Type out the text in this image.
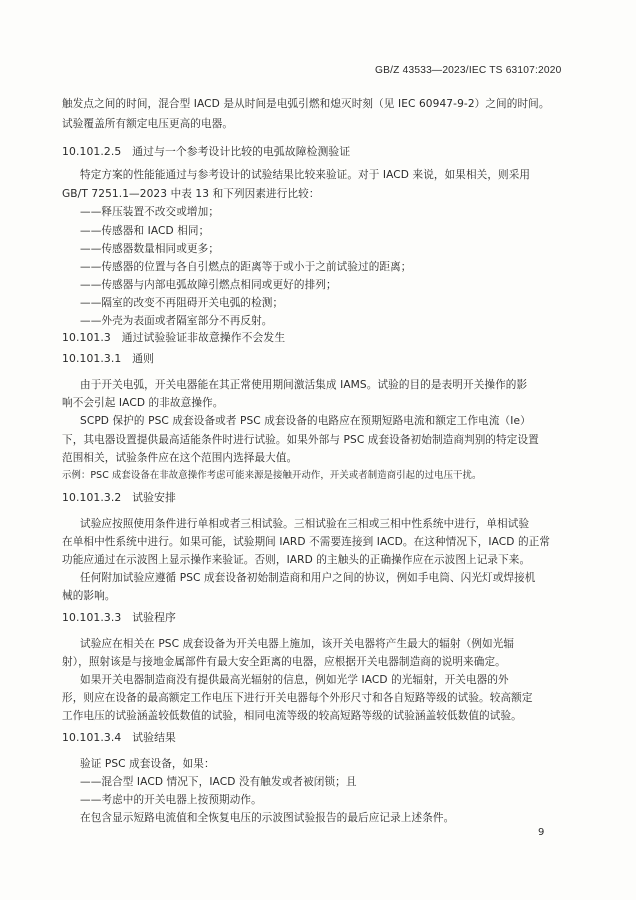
GB/Z 43533—2023/IEC TS 63107:2020
触发点之间的时间，混合型 IACD 是从时间是电弧引燃和熄灭时刻（见 IEC 60947-9-2）之间的时间。
试验覆盖所有额定电压更高的电器。
10.101.2.5　通过与一个参考设计比较的电弧故障检测验证
特定方案的性能能通过与参考设计的试验结果比较来验证。对于 IACD 来说，如果相关，则采用
GB/T 7251.1—2023 中表 13 和下列因素进行比较：
——释压装置不改交或增加；
——传感器和 IACD 相同；
——传感器数量相同或更多；
——传感器的位置与各自引燃点的距离等于或小于之前试验过的距离；
——传感器与内部电弧故障引燃点相同或更好的排列；
——隔室的改变不再阻碍开关电弧的检测；
——外壳为表面或者隔室部分不再反射。
10.101.3　通过试验验证非故意操作不会发生
10.101.3.1　通则
由于开关电弧，开关电器能在其正常使用期间激活集成 IAMS。试验的目的是表明开关操作的影
响不会引起 IACD 的非故意操作。
SCPD 保护的 PSC 成套设备或者 PSC 成套设备的电路应在预期短路电流和额定工作电流（Ie）
下，其电器设置提供最高适能条件时进行试验。如果外部与 PSC 成套设备初始制造商判别的特定设置
范围相关，试验条件应在这个范围内选择最大值。
示例：PSC 成套设备在非故意操作考虑可能来源是接触开动作，开关或者制造商引起的过电压干扰。
10.101.3.2　试验安排
试验应按照使用条件进行单相或者三相试验。三相试验在三相或三相中性系统中进行，单相试验
在单相中性系统中进行。如果可能，试验期间 IARD 不需要连接到 IACD。在这种情况下，IACD 的正常
功能应通过在示波图上显示操作来验证。否则，IARD 的主触头的正确操作应在示波图上记录下来。
任何附加试验应遵循 PSC 成套设备初始制造商和用户之间的协议，例如手电筒、闪光灯或焊接机
械的影响。
10.101.3.3　试验程序
试验应在相关在 PSC 成套设备为开关电器上施加，该开关电器将产生最大的辐射（例如光辐
射），照射该是与接地金属部件有最大安全距离的电器，应根据开关电器制造商的说明来确定。
如果开关电器制造商没有提供最高光辐射的信息，例如光学 IACD 的光辐射，开关电器的外
形，则应在设备的最高额定工作电压下进行开关电器每个外形尺寸和各自短路等级的试验。较高额定
工作电压的试验涵盖较低数值的试验，相同电流等级的较高短路等级的试验涵盖较低数值的试验。
10.101.3.4　试验结果
验证 PSC 成套设备，如果：
——混合型 IACD 情况下，IACD 没有触发或者被闭锁；且
——考虑中的开关电器上按预期动作。
在包含显示短路电流值和全恢复电压的示波图试验报告的最后应记录上述条件。
9
